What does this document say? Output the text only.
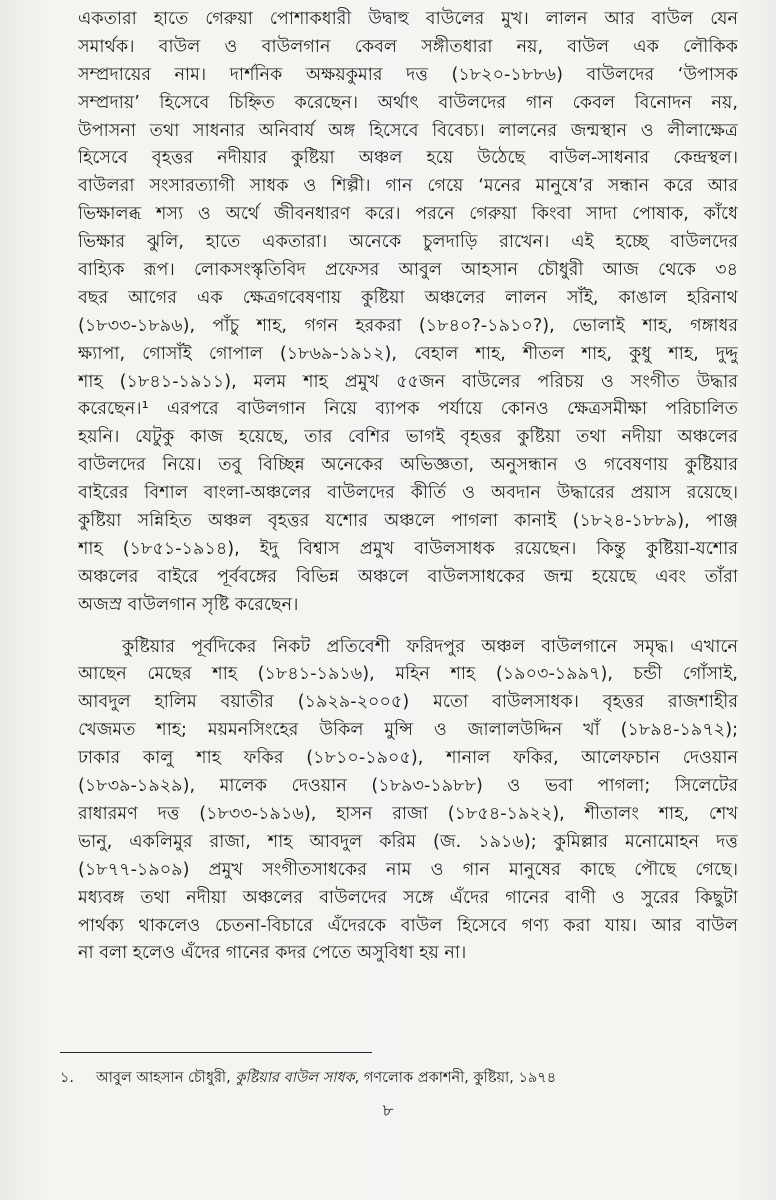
একতারা হাতে গেরুয়া পোশাকধারী উদ্বাহু বাউলের মুখ। লালন আর বাউল যেন
সমার্থক। বাউল ও বাউলগান কেবল সঙ্গীতধারা নয়, বাউল এক লৌকিক
সম্প্রদায়ের নাম। দার্শনিক অক্ষয়কুমার দত্ত (১৮২০-১৮৮৬) বাউলদের ‘উপাসক
সম্প্রদায়’ হিসেবে চিহ্নিত করেছেন। অর্থাৎ বাউলদের গান কেবল বিনোদন নয়,
উপাসনা তথা সাধনার অনিবার্য অঙ্গ হিসেবে বিবেচ্য। লালনের জন্মস্থান ও লীলাক্ষেত্র
হিসেবে বৃহত্তর নদীয়ার কুষ্টিয়া অঞ্চল হয়ে উঠেছে বাউল-সাধনার কেন্দ্রস্থল।
বাউলরা সংসারত্যাগী সাধক ও শিল্পী। গান গেয়ে ‘মনের মানুষে’র সন্ধান করে আর
ভিক্ষালব্ধ শস্য ও অর্থে জীবনধারণ করে। পরনে গেরুয়া কিংবা সাদা পোষাক, কাঁধে
ভিক্ষার ঝুলি, হাতে একতারা। অনেকে চুলদাড়ি রাখেন। এই হচ্ছে বাউলদের
বাহ্যিক রূপ। লোকসংস্কৃতিবিদ প্রফেসর আবুল আহসান চৌধুরী আজ থেকে ৩৪
বছর আগের এক ক্ষেত্রগবেষণায় কুষ্টিয়া অঞ্চলের লালন সাঁই, কাঙাল হরিনাথ
(১৮৩৩-১৮৯৬), পাঁচু শাহ, গগন হরকরা (১৮৪০?-১৯১০?), ভোলাই শাহ, গঙ্গাধর
ক্ষ্যাপা, গোসাঁই গোপাল (১৮৬৯-১৯১২), বেহাল শাহ, শীতল শাহ, কুধু শাহ, দুদ্দু
শাহ (১৮৪১-১৯১১), মলম শাহ প্রমুখ ৫৫জন বাউলের পরিচয় ও সংগীত উদ্ধার
করেছেন।¹ এরপরে বাউলগান নিয়ে ব্যাপক পর্যায়ে কোনও ক্ষেত্রসমীক্ষা পরিচালিত
হয়নি। যেটুকু কাজ হয়েছে, তার বেশির ভাগই বৃহত্তর কুষ্টিয়া তথা নদীয়া অঞ্চলের
বাউলদের নিয়ে। তবু বিচ্ছিন্ন অনেকের অভিজ্ঞতা, অনুসন্ধান ও গবেষণায় কুষ্টিয়ার
বাইরের বিশাল বাংলা-অঞ্চলের বাউলদের কীর্তি ও অবদান উদ্ধারের প্রয়াস রয়েছে।
কুষ্টিয়া সন্নিহিত অঞ্চল বৃহত্তর যশোর অঞ্চলে পাগলা কানাই (১৮২৪-১৮৮৯), পাঞ্জ
শাহ (১৮৫১-১৯১৪), ইদু বিশ্বাস প্রমুখ বাউলসাধক রয়েছেন। কিন্তু কুষ্টিয়া-যশোর
অঞ্চলের বাইরে পূর্ববঙ্গের বিভিন্ন অঞ্চলে বাউলসাধকের জন্ম হয়েছে এবং তাঁরা
অজস্র বাউলগান সৃষ্টি করেছেন।
কুষ্টিয়ার পূর্বদিকের নিকট প্রতিবেশী ফরিদপুর অঞ্চল বাউলগানে সমৃদ্ধ। এখানে
আছেন মেছের শাহ (১৮৪১-১৯১৬), মহিন শাহ (১৯০৩-১৯৯৭), চন্ডী গোঁসাই,
আবদুল হালিম বয়াতীর (১৯২৯-২০০৫) মতো বাউলসাধক। বৃহত্তর রাজশাহীর
খেজমত শাহ; ময়মনসিংহের উকিল মুন্সি ও জালালউদ্দিন খাঁ (১৮৯৪-১৯৭২);
ঢাকার কালু শাহ ফকির (১৮১০-১৯০৫), শানাল ফকির, আলেফচান দেওয়ান
(১৮৩৯-১৯২৯), মালেক দেওয়ান (১৮৯৩-১৯৮৮) ও ভবা পাগলা; সিলেটের
রাধারমণ দত্ত (১৮৩৩-১৯১৬), হাসন রাজা (১৮৫৪-১৯২২), শীতালং শাহ, শেখ
ভানু, একলিমুর রাজা, শাহ আবদুল করিম (জ. ১৯১৬); কুমিল্লার মনোমোহন দত্ত
(১৮৭৭-১৯০৯) প্রমুখ সংগীতসাধকের নাম ও গান মানুষের কাছে পৌছে গেছে।
মধ্যবঙ্গ তথা নদীয়া অঞ্চলের বাউলদের সঙ্গে এঁদের গানের বাণী ও সুরের কিছুটা
পার্থক্য থাকলেও চেতনা-বিচারে এঁদেরকে বাউল হিসেবে গণ্য করা যায়। আর বাউল
না বলা হলেও এঁদের গানের কদর পেতে অসুবিধা হয় না।
১. আবুল আহসান চৌধুরী, কুষ্টিয়ার বাউল সাধক, গণলোক প্রকাশনী, কুষ্টিয়া, ১৯৭৪
৮
